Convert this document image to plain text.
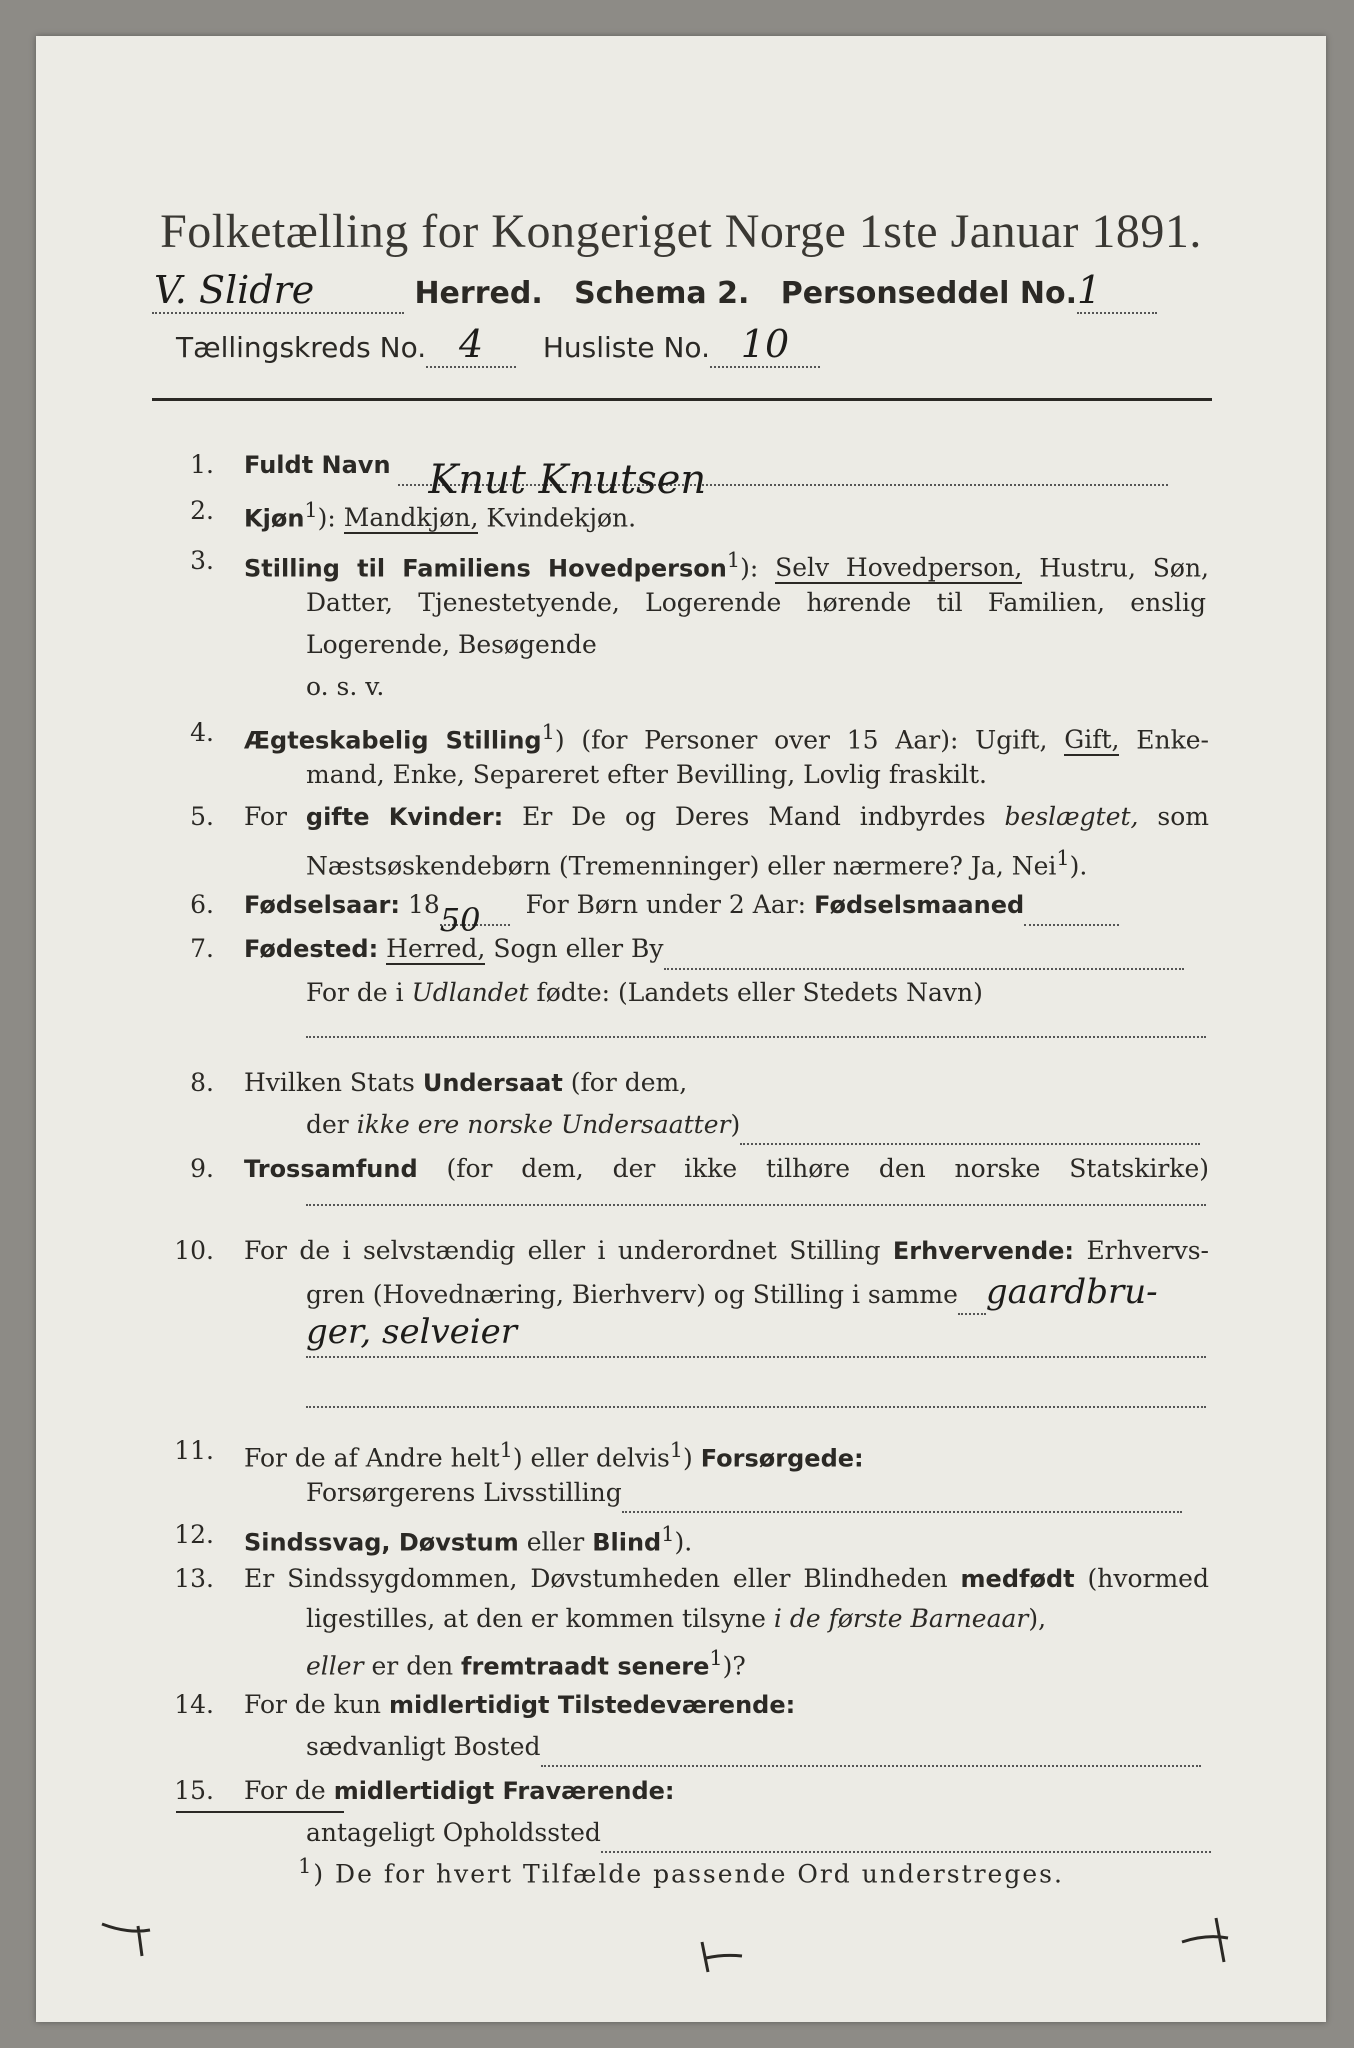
Folketælling for Kongeriget Norge 1ste Januar 1891.
V. Slidre	Herred. Schema 2. Personseddel No.1
Tællingskreds No. 4 Husliste No. 10
1. Fuldt Navn Knut Knutsen
2. Kjøn$^1$): Mandkjøn, Kvindekjøn.
3. Stilling til Familiens Hovedperson$^1$): Selv Hovedperson, Hustru, Søn,
Datter, Tjenestetyende, Logerende hørende til Familien, enslig
Logerende, Besøgende
o. s. v.
4. Ægteskabelig Stilling$^1$) (for Personer over 15 Aar): Ugift, Gift, Enke-
mand, Enke, Separeret efter Bevilling, Lovlig fraskilt.
5. For gifte Kvinder: Er De og Deres Mand indbyrdes beslægtet, som
Næstsøskendebørn (Tremenninger) eller nærmere? Ja, Nei$^1$).
6. Fødselsaar: 1850 For Børn under 2 Aar: Fødselsmaaned
7. Fødested: Herred, Sogn eller By
For de i Udlandet fødte: (Landets eller Stedets Navn)
8. Hvilken Stats Undersaat (for dem,
der ikke ere norske Undersaatter)
9. Trossamfund (for dem, der ikke tilhøre den norske Statskirke)
10. For de i selvstændig eller i underordnet Stilling Erhvervende: Erhvervs-
gren (Hovednæring, Bierhverv) og Stilling i samme gaardbru-
ger, selveier
11. For de af Andre helt$^1$) eller delvis$^1$) Forsørgede:
Forsørgerens Livsstilling
12. Sindssvag, Døvstum eller Blind$^1$).
13. Er Sindssygdommen, Døvstumheden eller Blindheden medfødt (hvormed
ligestilles, at den er kommen tilsyne i de første Barneaar),
eller er den fremtraadt senere$^1$)?
14. For de kun midlertidigt Tilstedeværende:
sædvanligt Bosted
15. For de midlertidigt Fraværende:
antageligt Opholdssted
$^1$) De for hvert Tilfælde passende Ord understreges.
